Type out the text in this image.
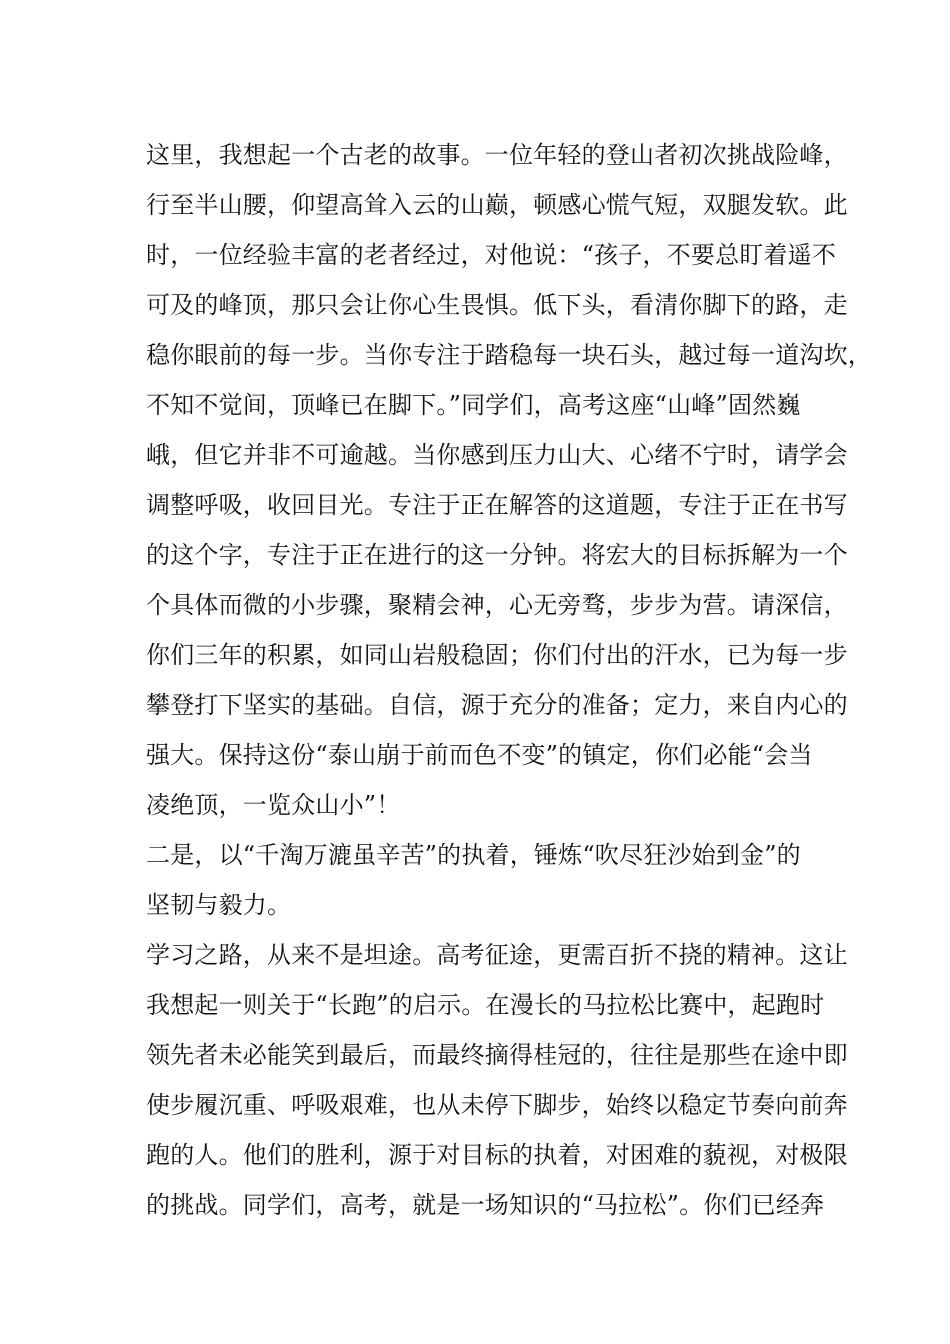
这里，我想起一个古老的故事。一位年轻的登山者初次挑战险峰，
行至半山腰，仰望高耸入云的山巅，顿感心慌气短，双腿发软。此
时，一位经验丰富的老者经过，对他说：“孩子，不要总盯着遥不
可及的峰顶，那只会让你心生畏惧。低下头，看清你脚下的路，走
稳你眼前的每一步。当你专注于踏稳每一块石头，越过每一道沟坎，
不知不觉间，顶峰已在脚下。”同学们，高考这座“山峰”固然巍
峨，但它并非不可逾越。当你感到压力山大、心绪不宁时，请学会
调整呼吸，收回目光。专注于正在解答的这道题，专注于正在书写
的这个字，专注于正在进行的这一分钟。将宏大的目标拆解为一个
个具体而微的小步骤，聚精会神，心无旁骛，步步为营。请深信，
你们三年的积累，如同山岩般稳固；你们付出的汗水，已为每一步
攀登打下坚实的基础。自信，源于充分的准备；定力，来自内心的
强大。保持这份“泰山崩于前而色不变”的镇定，你们必能“会当
凌绝顶，一览众山小”！
二是，以“千淘万漉虽辛苦”的执着，锤炼“吹尽狂沙始到金”的
坚韧与毅力。
学习之路，从来不是坦途。高考征途，更需百折不挠的精神。这让
我想起一则关于“长跑”的启示。在漫长的马拉松比赛中，起跑时
领先者未必能笑到最后，而最终摘得桂冠的，往往是那些在途中即
使步履沉重、呼吸艰难，也从未停下脚步，始终以稳定节奏向前奔
跑的人。他们的胜利，源于对目标的执着，对困难的藐视，对极限
的挑战。同学们，高考，就是一场知识的“马拉松”。你们已经奔
